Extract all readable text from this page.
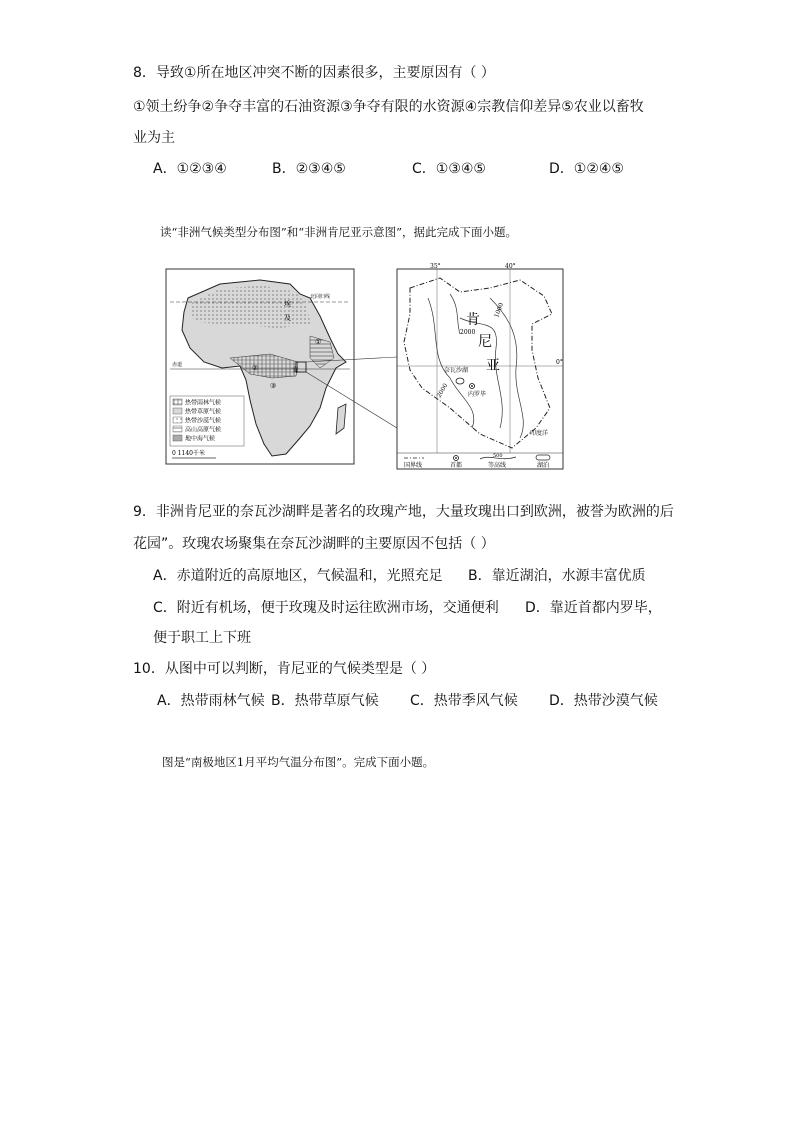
8．导致①所在地区冲突不断的因素很多，主要原因有（ ）
①领土纷争②争夺丰富的石油资源③争夺有限的水资源④宗教信仰差异⑤农业以畜牧
业为主
A．①②③④	B．②③④⑤	C．①③④⑤	D．①②④⑤
读“非洲气候类型分布图”和“非洲肯尼亚示意图”，据此完成下面小题。
北回归线
赤道
埃
及
①
②
③
肯
热带雨林气候
热带草原气候
热带沙漠气候
高山高原气候
地中海气候
0 1140千米
35°	40°
0°
肯
尼
亚
2000
1000
2000
奈瓦沙湖
内罗毕
印度洋
国界线	首都
500
等高线	湖泊
9．非洲肯尼亚的奈瓦沙湖畔是著名的玫瑰产地，大量玫瑰出口到欧洲，被誉为欧洲的后
花园”。玫瑰农场聚集在奈瓦沙湖畔的主要原因不包括（ ）
A．赤道附近的高原地区，气候温和，光照充足 B．靠近湖泊，水源丰富优质
C．附近有机场，便于玫瑰及时运往欧洲市场，交通便利 D．靠近首都内罗毕，
便于职工上下班
10．从图中可以判断，肯尼亚的气候类型是（ ）
A．热带雨林气候 B．热带草原气候 C．热带季风气候 D．热带沙漠气候
图是“南极地区1月平均气温分布图”。完成下面小题。
